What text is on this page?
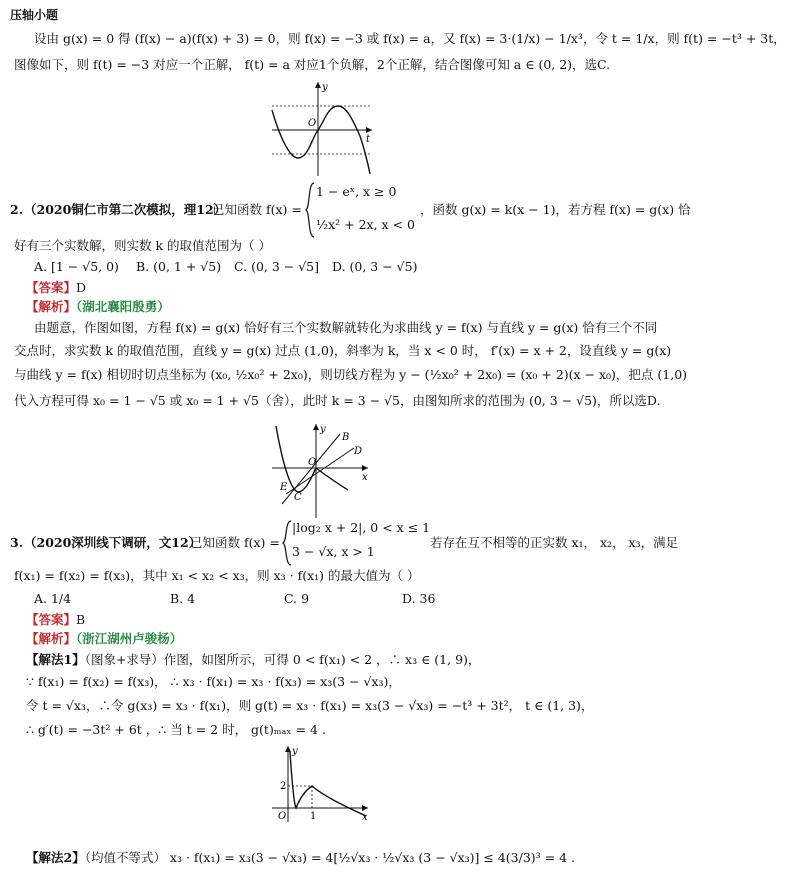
压轴小题
设由 g(x) = 0 得 (f(x) − a)(f(x) + 3) = 0，则 f(x) = −3 或 f(x) = a，又 f(x) = 3·(1/x) − 1/x³，令 t = 1/x，则 f(t) = −t³ + 3t，
图像如下，则 f(t) = −3 对应一个正解， f(t) = a 对应1个负解，2个正解，结合图像可知 a ∈ (0, 2)，选C.
y
t
O
2. （2020铜仁市第二次模拟，理12）
已知函数 f(x) =
1 − eˣ, x ≥ 0
½x² + 2x, x < 0
，函数 g(x) = k(x − 1)，若方程 f(x) = g(x) 恰
好有三个实数解，则实数 k 的取值范围为（ ）
A. [1 − √5, 0) B. (0, 1 + √5) C. (0, 3 − √5] D. (0, 3 − √5)
【答案】D
【解析】（湖北襄阳殷勇）
由题意，作图如图，方程 f(x) = g(x) 恰好有三个实数解就转化为求曲线 y = f(x) 与直线 y = g(x) 恰有三个不同
交点时，求实数 k 的取值范围，直线 y = g(x) 过点 (1,0)，斜率为 k，当 x < 0 时， f′(x) = x + 2，设直线 y = g(x)
与曲线 y = f(x) 相切时切点坐标为 (x₀, ½x₀² + 2x₀)，则切线方程为 y − (½x₀² + 2x₀) = (x₀ + 2)(x − x₀)，把点 (1,0)
代入方程可得 x₀ = 1 − √5 或 x₀ = 1 + √5（舍），此时 k = 3 − √5，由图知所求的范围为 (0, 3 − √5)，所以选D.
y
x
O
B
D
E
C
3. （2020深圳线下调研，文12）
已知函数 f(x) =
|log₂ x + 2|, 0 < x ≤ 1
3 − √x, x > 1
若存在互不相等的正实数 x₁， x₂， x₃，满足
f(x₁) = f(x₂) = f(x₃)，其中 x₁ < x₂ < x₃，则 x₃ · f(x₁) 的最大值为（ ）
A. 1/4	B. 4	C. 9	D. 36
【答案】B
【解析】（浙江湖州卢骏杨）
【解法1】（图象+求导）作图，如图所示，可得 0 < f(x₁) < 2 ，∴ x₃ ∈ (1, 9)，
∵ f(x₁) = f(x₂) = f(x₃)， ∴ x₃ · f(x₁) = x₃ · f(x₃) = x₃(3 − √x₃)，
令 t = √x₃，∴令 g(x₃) = x₃ · f(x₁)，则 g(t) = x₃ · f(x₁) = x₃(3 − √x₃) = −t³ + 3t²， t ∈ (1, 3)，
∴ g′(t) = −3t² + 6t ，∴ 当 t = 2 时， g(t)ₘₐₓ = 4 .
y
x
O
2
1
【解法2】（均值不等式） x₃ · f(x₁) = x₃(3 − √x₃) = 4[½√x₃ · ½√x₃ (3 − √x₃)] ≤ 4(3/3)³ = 4 .
